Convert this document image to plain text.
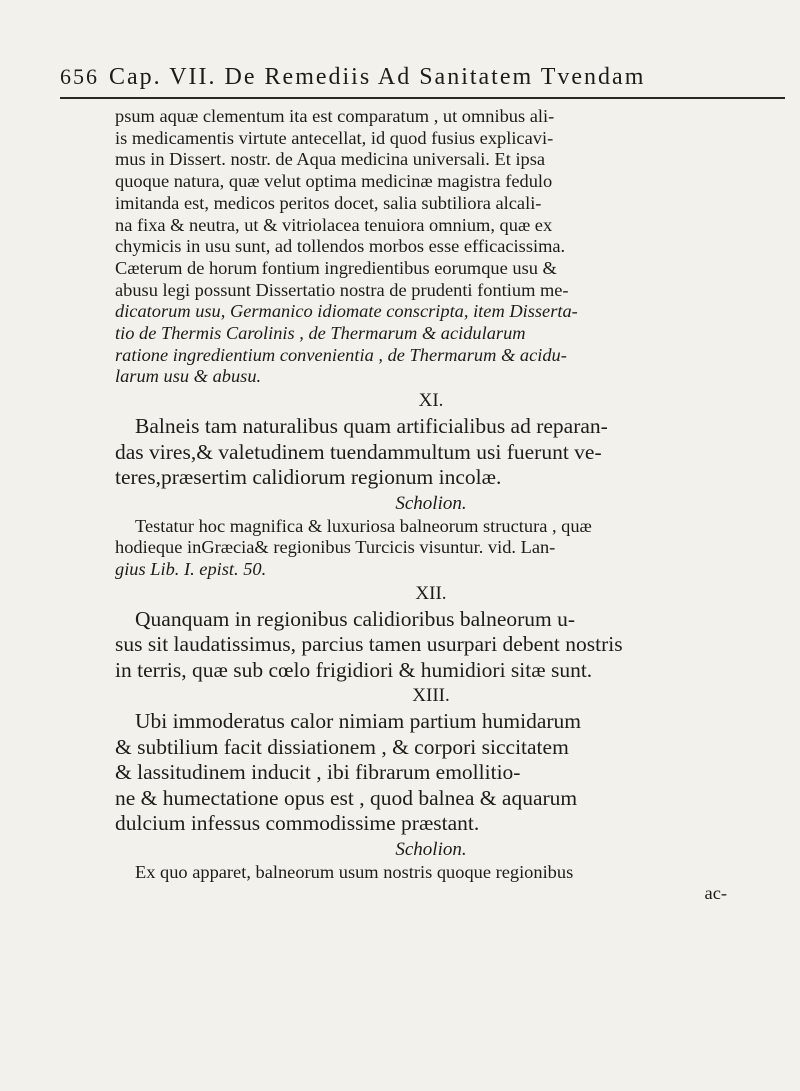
656 Cap. VII. De Remediis Ad Sanitatem Tvendam

psum aquæ clementum ita est comparatum , ut omnibus ali-
is medicamentis virtute antecellat, id quod fusius explicavi-
mus in Dissert. nostr. de Aqua medicina universali. Et ipsa
quoque natura, quæ velut optima medicinæ magistra fedulo
imitanda est, medicos peritos docet, salia subtiliora alcali-
na fixa & neutra, ut & vitriolacea tenuiora omnium, quæ ex
chymicis in usu sunt, ad tollendos morbos esse efficacissima.
Cæterum de horum fontium ingredientibus eorumque usu &
abusu legi possunt Dissertatio nostra de prudenti fontium me-
dicatorum usu, Germanico idiomate conscripta, item Disserta-
tio de Thermis Carolinis , de Thermarum & acidularum
ratione ingredientium convenientia , de Thermarum & acidu-
larum usu & abusu.

XI.

Balneis tam naturalibus quam artificialibus ad reparan-
das vires,& valetudinem tuendammultum usi fuerunt ve-
teres,præsertim calidiorum regionum incolæ.

Scholion.

Testatur hoc magnifica & luxuriosa balneorum structura , quæ
hodieque inGræcia& regionibus Turcicis visuntur. vid. Lan-
gius Lib. I. epist. 50.

XII.

Quanquam in regionibus calidioribus balneorum u-
sus sit laudatissimus, parcius tamen usurpari debent nostris
in terris, quæ sub cœlo frigidiori & humidiori sitæ sunt.

XIII.

Ubi immoderatus calor nimiam partium humidarum
& subtilium facit dissiationem , & corpori siccitatem
& lassitudinem inducit , ibi fibrarum emollitio-
ne & humectatione opus est , quod balnea & aquarum
dulcium infessus commodissime præstant.

Scholion.

Ex quo apparet, balneorum usum nostris quoque regionibus
ac-
